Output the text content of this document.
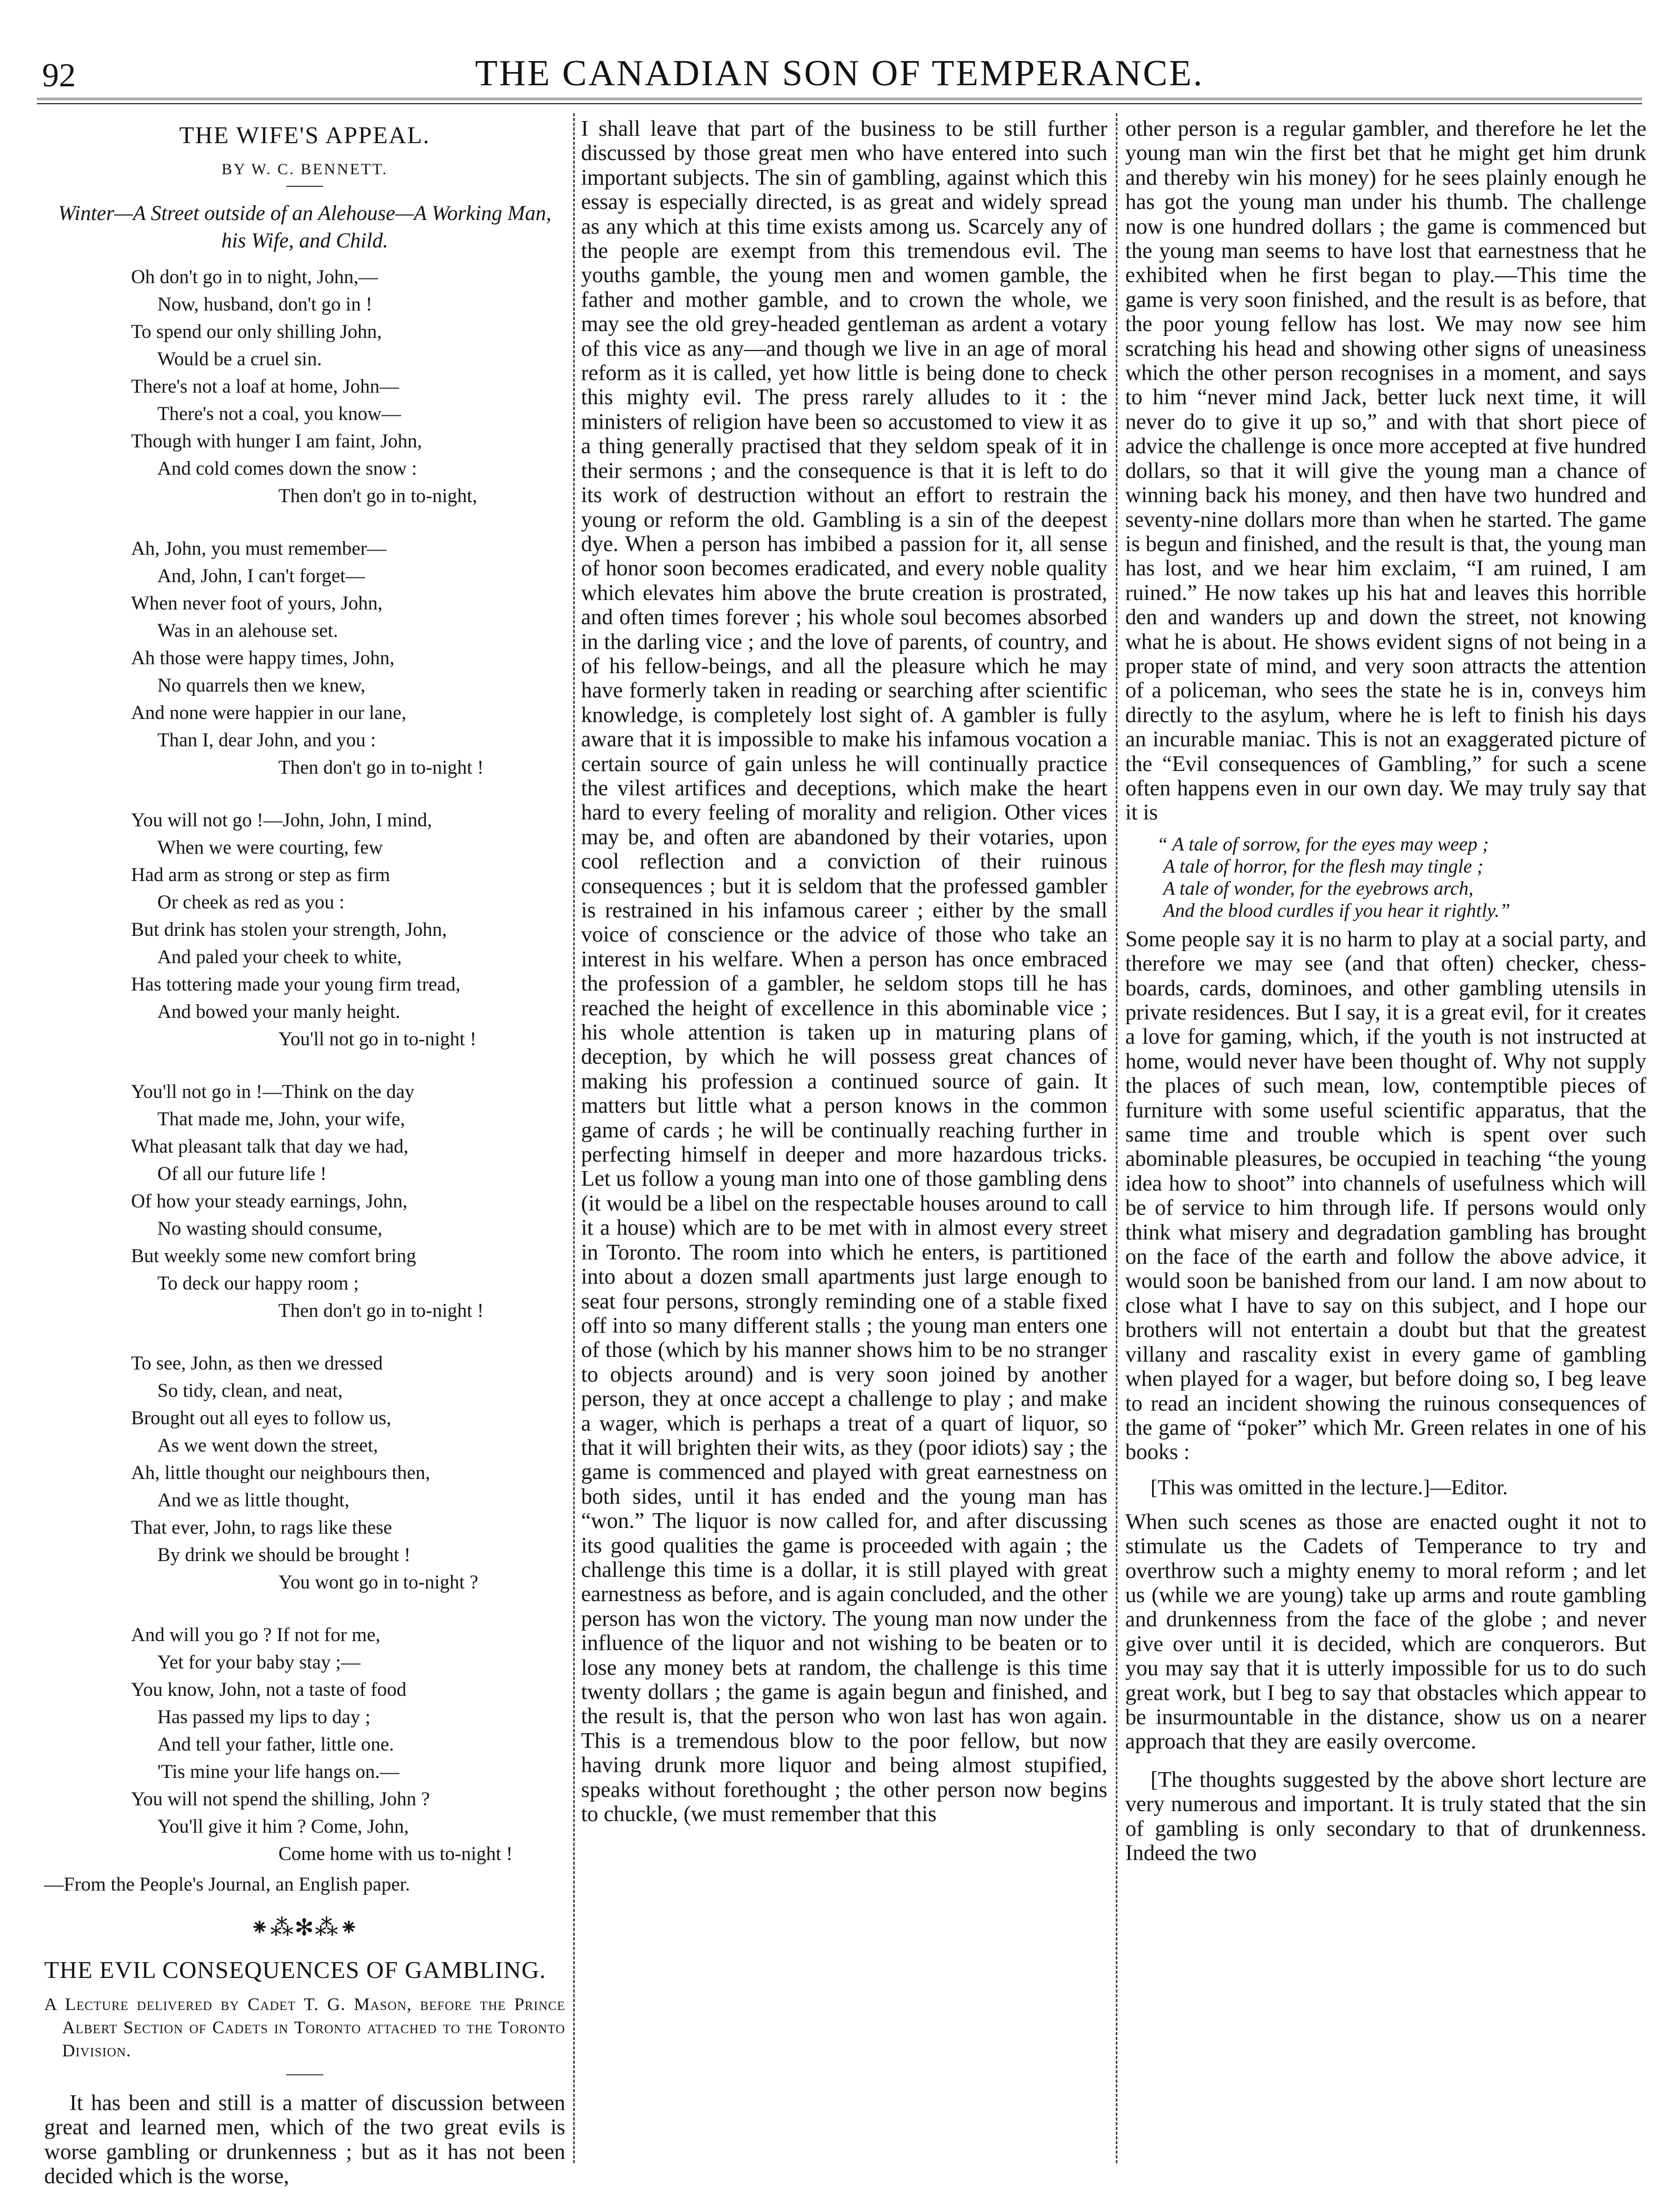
92	THE CANADIAN SON OF TEMPERANCE.
THE WIFE'S APPEAL.
BY W. C. BENNETT.
Winter—A Street outside of an Alehouse—A Working Man, his Wife, and Child.
Oh don't go in to night, John,—
Now, husband, don't go in !
To spend our only shilling John,
Would be a cruel sin.
There's not a loaf at home, John—
There's not a coal, you know—
Though with hunger I am faint, John,
And cold comes down the snow :
Then don't go in to-night,
Ah, John, you must remember—
And, John, I can't forget—
When never foot of yours, John,
Was in an alehouse set.
Ah those were happy times, John,
No quarrels then we knew,
And none were happier in our lane,
Than I, dear John, and you :
Then don't go in to-night !
You will not go !—John, John, I mind,
When we were courting, few
Had arm as strong or step as firm
Or cheek as red as you :
But drink has stolen your strength, John,
And paled your cheek to white,
Has tottering made your young firm tread,
And bowed your manly height.
You'll not go in to-night !
You'll not go in !—Think on the day
That made me, John, your wife,
What pleasant talk that day we had,
Of all our future life !
Of how your steady earnings, John,
No wasting should consume,
But weekly some new comfort bring
To deck our happy room ;
Then don't go in to-night !
To see, John, as then we dressed
So tidy, clean, and neat,
Brought out all eyes to follow us,
As we went down the street,
Ah, little thought our neighbours then,
And we as little thought,
That ever, John, to rags like these
By drink we should be brought !
You wont go in to-night ?
And will you go ? If not for me,
Yet for your baby stay ;—
You know, John, not a taste of food
Has passed my lips to day ;
And tell your father, little one.
'Tis mine your life hangs on.—
You will not spend the shilling, John ?
You'll give it him ? Come, John,
Come home with us to-night !
—From the People's Journal, an English paper.
⁕⁂✻⁂⁕
THE EVIL CONSEQUENCES OF GAMBLING.
A Lecture delivered by Cadet T. G. Mason, before the Prince Albert Section of Cadets in Toronto attached to the Toronto Division.

It has been and still is a matter of discussion between great and learned men, which of the two great evils is worse gambling or drunkenness ; but as it has not been decided which is the worse,

I shall leave that part of the business to be still further discussed by those great men who have entered into such important subjects. The sin of gambling, against which this essay is especially directed, is as great and widely spread as any which at this time exists among us. Scarcely any of the people are exempt from this tremendous evil. The youths gamble, the young men and women gamble, the father and mother gamble, and to crown the whole, we may see the old grey-headed gentleman as ardent a votary of this vice as any—and though we live in an age of moral reform as it is called, yet how little is being done to check this mighty evil. The press rarely alludes to it : the ministers of religion have been so accustomed to view it as a thing generally practised that they seldom speak of it in their sermons ; and the consequence is that it is left to do its work of destruction without an effort to restrain the young or reform the old. Gambling is a sin of the deepest dye. When a person has imbibed a passion for it, all sense of honor soon becomes eradicated, and every noble quality which elevates him above the brute creation is prostrated, and often times forever ; his whole soul becomes absorbed in the darling vice ; and the love of parents, of country, and of his fellow-beings, and all the pleasure which he may have formerly taken in reading or searching after scientific knowledge, is completely lost sight of. A gambler is fully aware that it is impossible to make his infamous vocation a certain source of gain unless he will continually practice the vilest artifices and deceptions, which make the heart hard to every feeling of morality and religion. Other vices may be, and often are abandoned by their votaries, upon cool reflection and a conviction of their ruinous consequences ; but it is seldom that the professed gambler is restrained in his infamous career ; either by the small voice of conscience or the advice of those who take an interest in his welfare. When a person has once embraced the profession of a gambler, he seldom stops till he has reached the height of excellence in this abominable vice ; his whole attention is taken up in maturing plans of deception, by which he will possess great chances of making his profession a continued source of gain. It matters but little what a person knows in the common game of cards ; he will be continually reaching further in perfecting himself in deeper and more hazardous tricks. Let us follow a young man into one of those gambling dens (it would be a libel on the respectable houses around to call it a house) which are to be met with in almost every street in Toronto. The room into which he enters, is partitioned into about a dozen small apartments just large enough to seat four persons, strongly reminding one of a stable fixed off into so many different stalls ; the young man enters one of those (which by his manner shows him to be no stranger to objects around) and is very soon joined by another person, they at once accept a challenge to play ; and make a wager, which is perhaps a treat of a quart of liquor, so that it will brighten their wits, as they (poor idiots) say ; the game is commenced and played with great earnestness on both sides, until it has ended and the young man has “won.” The liquor is now called for, and after discussing its good qualities the game is proceeded with again ; the challenge this time is a dollar, it is still played with great earnestness as before, and is again concluded, and the other person has won the victory. The young man now under the influence of the liquor and not wishing to be beaten or to lose any money bets at random, the challenge is this time twenty dollars ; the game is again begun and finished, and the result is, that the person who won last has won again. This is a tremendous blow to the poor fellow, but now having drunk more liquor and being almost stupified, speaks without forethought ; the other person now begins to chuckle, (we must remember that this

other person is a regular gambler, and therefore he let the young man win the first bet that he might get him drunk and thereby win his money) for he sees plainly enough he has got the young man under his thumb. The challenge now is one hundred dollars ; the game is commenced but the young man seems to have lost that earnestness that he exhibited when he first began to play.—This time the game is very soon finished, and the result is as before, that the poor young fellow has lost. We may now see him scratching his head and showing other signs of uneasiness which the other person recognises in a moment, and says to him “never mind Jack, better luck next time, it will never do to give it up so,” and with that short piece of advice the challenge is once more accepted at five hundred dollars, so that it will give the young man a chance of winning back his money, and then have two hundred and seventy-nine dollars more than when he started. The game is begun and finished, and the result is that, the young man has lost, and we hear him exclaim, “I am ruined, I am ruined.” He now takes up his hat and leaves this horrible den and wanders up and down the street, not knowing what he is about. He shows evident signs of not being in a proper state of mind, and very soon attracts the attention of a policeman, who sees the state he is in, conveys him directly to the asylum, where he is left to finish his days an incurable maniac. This is not an exaggerated picture of the “Evil consequences of Gambling,” for such a scene often happens even in our own day. We may truly say that it is

“ A tale of sorrow, for the eyes may weep ;
A tale of horror, for the flesh may tingle ;
A tale of wonder, for the eyebrows arch,
And the blood curdles if you hear it rightly.”

Some people say it is no harm to play at a social party, and therefore we may see (and that often) checker, chess-boards, cards, dominoes, and other gambling utensils in private residences. But I say, it is a great evil, for it creates a love for gaming, which, if the youth is not instructed at home, would never have been thought of. Why not supply the places of such mean, low, contemptible pieces of furniture with some useful scientific apparatus, that the same time and trouble which is spent over such abominable pleasures, be occupied in teaching “the young idea how to shoot” into channels of usefulness which will be of service to him through life. If persons would only think what misery and degradation gambling has brought on the face of the earth and follow the above advice, it would soon be banished from our land. I am now about to close what I have to say on this subject, and I hope our brothers will not entertain a doubt but that the greatest villany and rascality exist in every game of gambling when played for a wager, but before doing so, I beg leave to read an incident showing the ruinous consequences of the game of “poker” which Mr. Green relates in one of his books :

[This was omitted in the lecture.]—Editor.

When such scenes as those are enacted ought it not to stimulate us the Cadets of Temperance to try and overthrow such a mighty enemy to moral reform ; and let us (while we are young) take up arms and route gambling and drunkenness from the face of the globe ; and never give over until it is decided, which are conquerors. But you may say that it is utterly impossible for us to do such great work, but I beg to say that obstacles which appear to be insurmountable in the distance, show us on a nearer approach that they are easily overcome.

[The thoughts suggested by the above short lecture are very numerous and important. It is truly stated that the sin of gambling is only secondary to that of drunkenness. Indeed the two
